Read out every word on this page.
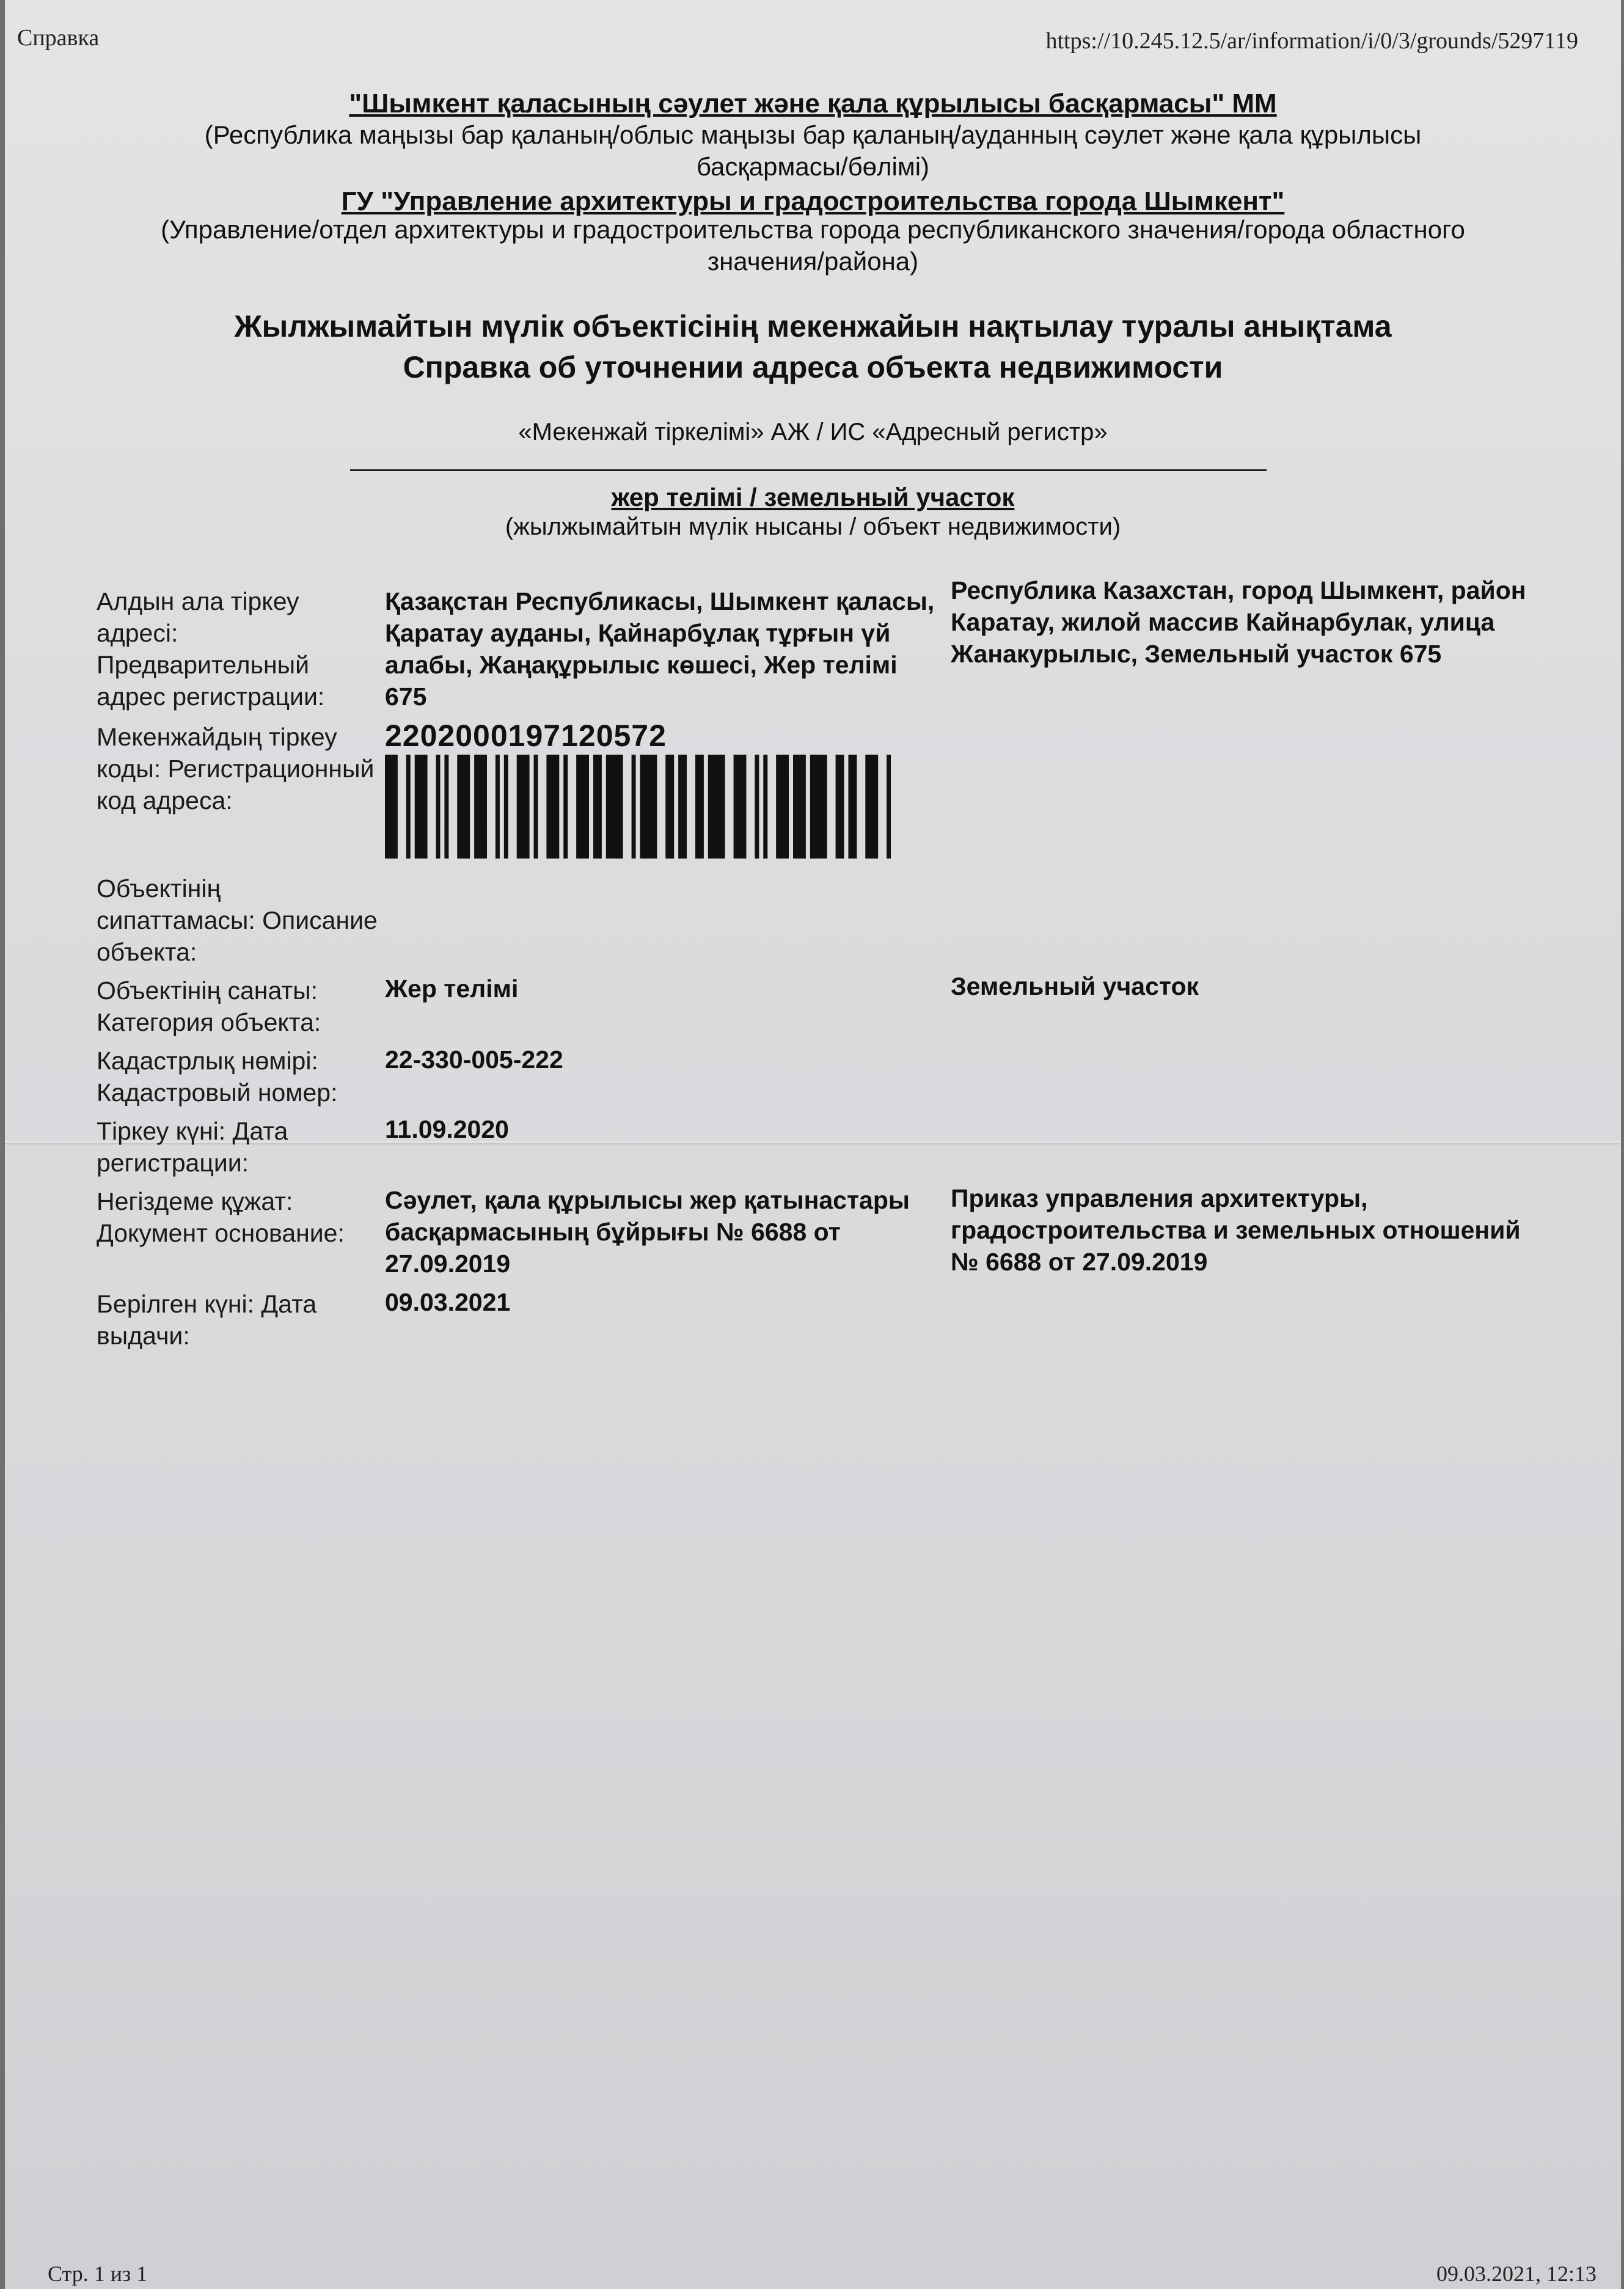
Справка	https://10.245.12.5/ar/information/i/0/3/grounds/5297119
"Шымкент қаласының сәулет және қала құрылысы басқармасы" ММ
(Республика маңызы бар қаланың/облыс маңызы бар қаланың/ауданның сәулет және қала құрылысы басқармасы/бөлімі)
ГУ "Управление архитектуры и градостроительства города Шымкент"
(Управление/отдел архитектуры и градостроительства города республиканского значения/города областного значения/района)
Жылжымайтын мүлік объектісінің мекенжайын нақтылау туралы анықтама
Справка об уточнении адреса объекта недвижимости
«Мекенжай тіркелімі» АЖ / ИС «Адресный регистр»
жер телімі / земельный участок
(жылжымайтын мүлік нысаны / объект недвижимости)
Алдын ала тіркеу адресі: Предварительный адрес регистрации:
Қазақстан Республикасы, Шымкент қаласы, Қаратау ауданы, Қайнарбұлақ тұрғын үй алабы, Жаңақұрылыс көшесі, Жер телімі 675
Республика Казахстан, город Шымкент, район Каратау, жилой массив Кайнарбулак, улица Жанакурылыс, Земельный участок 675
Мекенжайдың тіркеу коды: Регистрационный код адреса:
2202000197120572
Объектінің сипаттамасы: Описание объекта:
Объектінің санаты: Категория объекта:
Жер телімі	Земельный участок
Кадастрлық нөмірі: Кадастровый номер:
22-330-005-222
Тіркеу күні: Дата регистрации:
11.09.2020
Негіздеме құжат: Документ основание:
Сәулет, қала құрылысы жер қатынастары басқармасының бұйрығы № 6688 от 27.09.2019
Приказ управления архитектуры, градостроительства и земельных отношений № 6688 от 27.09.2019
Берілген күні: Дата выдачи:
09.03.2021
Стр. 1 из 1	09.03.2021, 12:13
